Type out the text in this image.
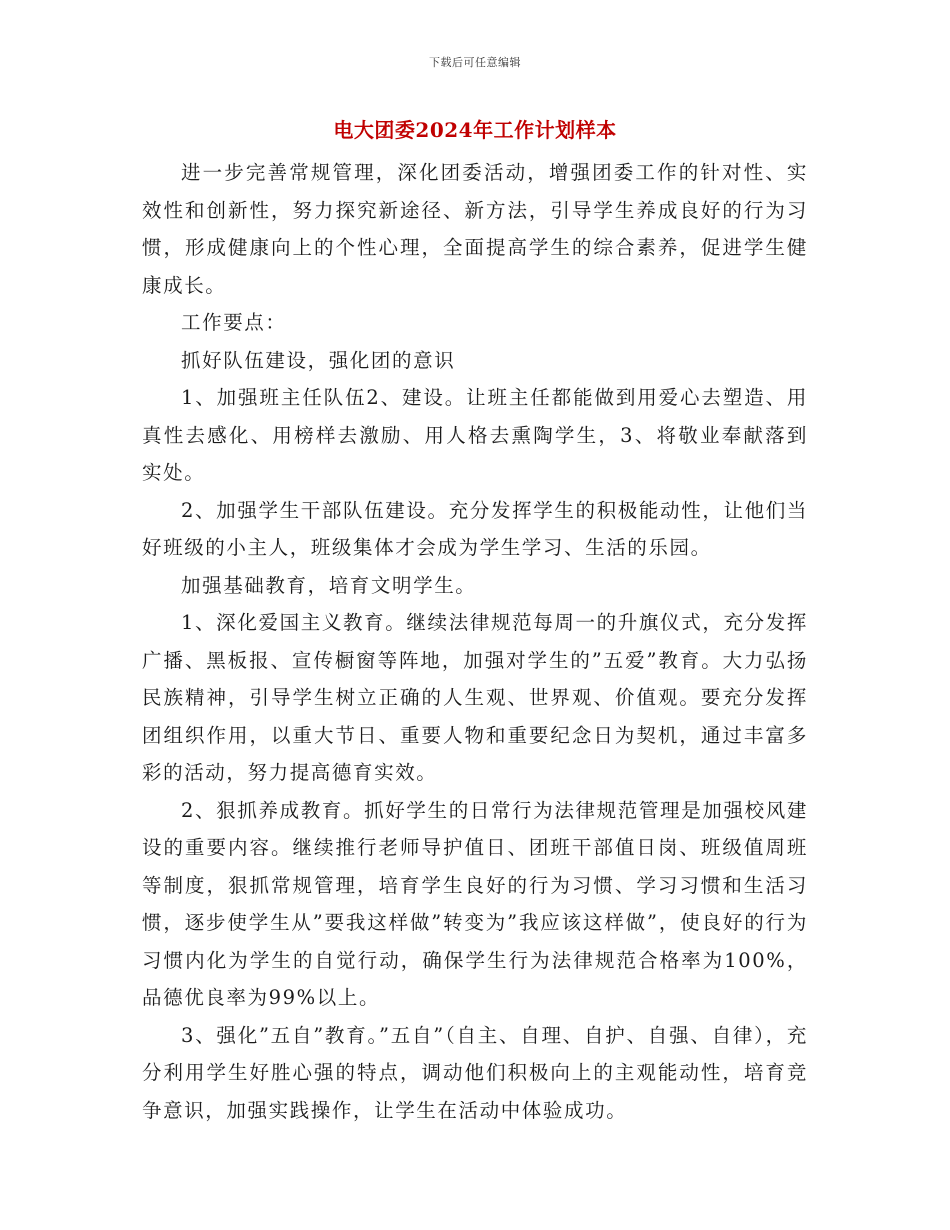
下载后可任意编辑
电大团委2024年工作计划样本

进一步完善常规管理，深化团委活动，增强团委工作的针对性、实效性和创新性，努力探究新途径、新方法，引导学生养成良好的行为习惯，形成健康向上的个性心理，全面提高学生的综合素养，促进学生健康成长。

工作要点：

抓好队伍建设，强化团的意识

1、加强班主任队伍2、建设。让班主任都能做到用爱心去塑造、用真性去感化、用榜样去激励、用人格去熏陶学生，3、将敬业奉献落到实处。

2、加强学生干部队伍建设。充分发挥学生的积极能动性，让他们当好班级的小主人，班级集体才会成为学生学习、生活的乐园。

加强基础教育，培育文明学生。

1、深化爱国主义教育。继续法律规范每周一的升旗仪式，充分发挥广播、黑板报、宣传橱窗等阵地，加强对学生的”五爱”教育。大力弘扬民族精神，引导学生树立正确的人生观、世界观、价值观。要充分发挥团组织作用，以重大节日、重要人物和重要纪念日为契机，通过丰富多彩的活动，努力提高德育实效。

2、狠抓养成教育。抓好学生的日常行为法律规范管理是加强校风建设的重要内容。继续推行老师导护值日、团班干部值日岗、班级值周班等制度，狠抓常规管理，培育学生良好的行为习惯、学习习惯和生活习惯，逐步使学生从”要我这样做”转变为”我应该这样做”，使良好的行为习惯内化为学生的自觉行动，确保学生行为法律规范合格率为100%，品德优良率为99%以上。

3、强化”五自”教育。”五自”（自主、自理、自护、自强、自律），充分利用学生好胜心强的特点，调动他们积极向上的主观能动性，培育竞争意识，加强实践操作，让学生在活动中体验成功。
